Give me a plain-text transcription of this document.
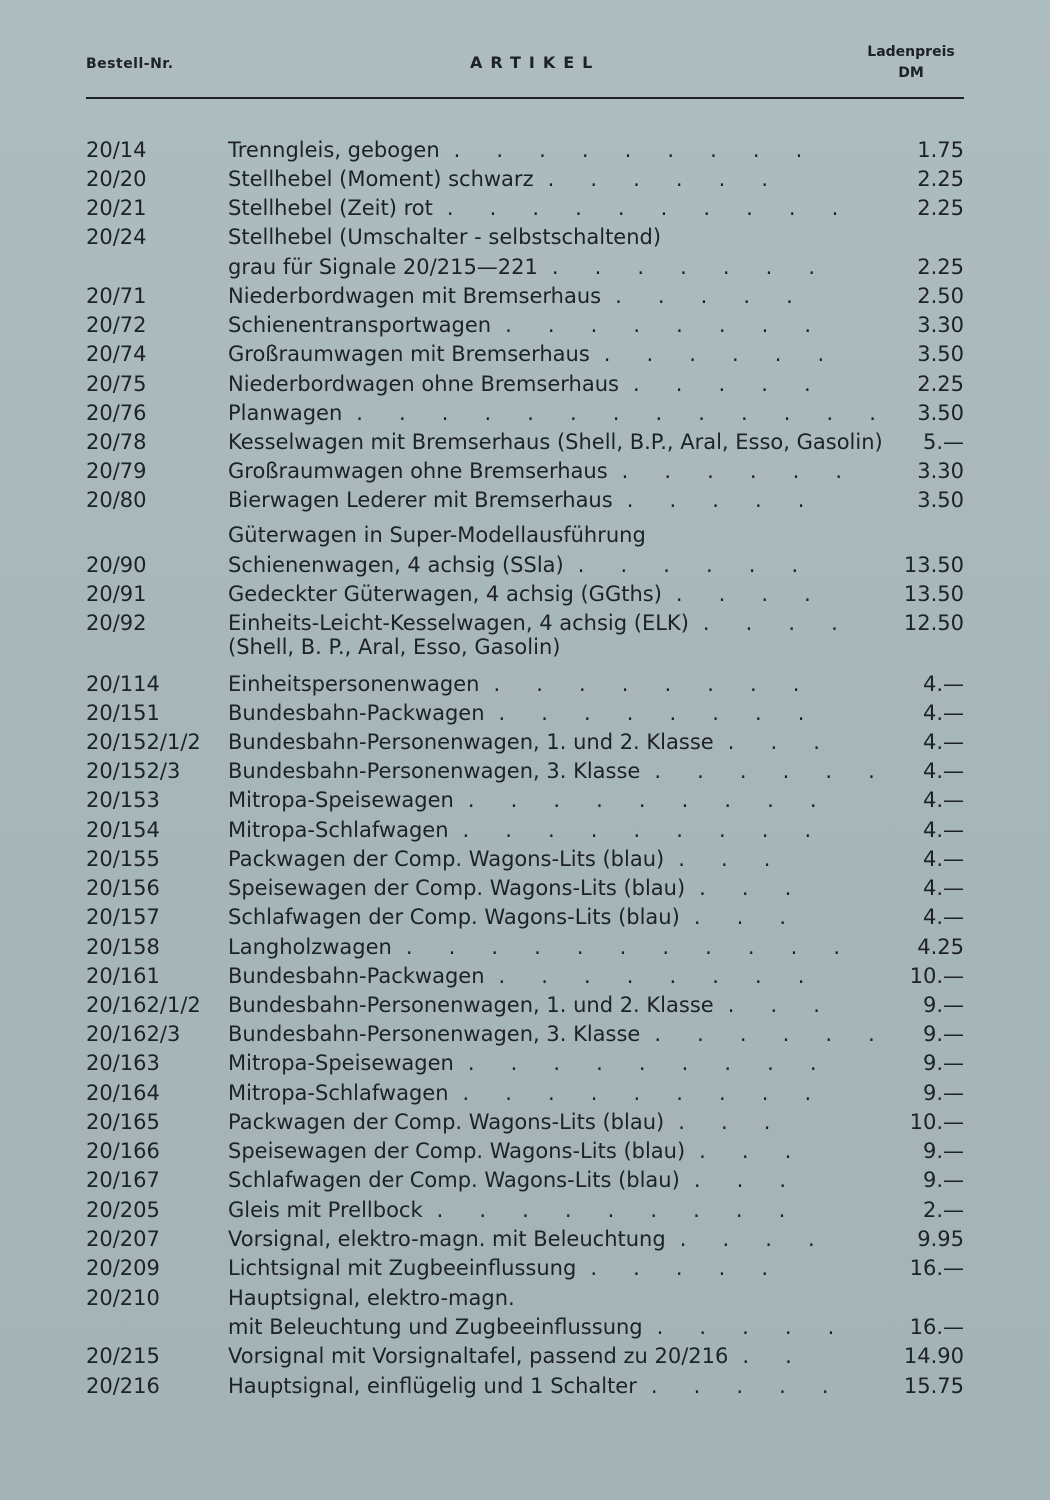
Bestell-Nr.	ARTIKEL
Ladenpreis
DM
20/14	Trenngleis, gebogen . . . . . . . . .	1.75
20/20	Stellhebel (Moment) schwarz . . . . . .	2.25
20/21	Stellhebel (Zeit) rot . . . . . . . . . .	2.25
20/24	Stellhebel (Umschalter - selbstschaltend)
grau für Signale 20/215—221 . . . . . . .	2.25
20/71	Niederbordwagen mit Bremserhaus . . . . .	2.50
20/72	Schienentransportwagen . . . . . . . .	3.30
20/74	Großraumwagen mit Bremserhaus . . . . . .	3.50
20/75	Niederbordwagen ohne Bremserhaus . . . . .	2.25
20/76	Planwagen . . . . . . . . . . . . .	3.50
20/78	Kesselwagen mit Bremserhaus (Shell, B.P., Aral, Esso, Gasolin)	5.—
20/79	Großraumwagen ohne Bremserhaus . . . . . .	3.30
20/80	Bierwagen Lederer mit Bremserhaus . . . . .	3.50
Güterwagen in Super-Modellausführung
20/90	Schienenwagen, 4 achsig (SSla) . . . . . .	13.50
20/91	Gedeckter Güterwagen, 4 achsig (GGths) . . . .	13.50
20/92	Einheits-Leicht-Kesselwagen, 4 achsig (ELK) . . . .	12.50
(Shell, B. P., Aral, Esso, Gasolin)
20/114	Einheitspersonenwagen . . . . . . . .	4.—
20/151	Bundesbahn-Packwagen . . . . . . . .	4.—
20/152/1/2 Bundesbahn-Personenwagen, 1. und 2. Klasse . . .	4.—
20/152/3 Bundesbahn-Personenwagen, 3. Klasse . . . . . .	4.—
20/153	Mitropa-Speisewagen . . . . . . . . .	4.—
20/154	Mitropa-Schlafwagen . . . . . . . . .	4.—
20/155	Packwagen der Comp. Wagons-Lits (blau) . . .	4.—
20/156	Speisewagen der Comp. Wagons-Lits (blau) . . .	4.—
20/157	Schlafwagen der Comp. Wagons-Lits (blau) . . .	4.—
20/158	Langholzwagen . . . . . . . . . . .	4.25
20/161	Bundesbahn-Packwagen . . . . . . . .	10.—
20/162/1/2 Bundesbahn-Personenwagen, 1. und 2. Klasse . . .	9.—
20/162/3 Bundesbahn-Personenwagen, 3. Klasse . . . . . .	9.—
20/163	Mitropa-Speisewagen . . . . . . . . .	9.—
20/164	Mitropa-Schlafwagen . . . . . . . . .	9.—
20/165	Packwagen der Comp. Wagons-Lits (blau) . . .	10.—
20/166	Speisewagen der Comp. Wagons-Lits (blau) . . .	9.—
20/167	Schlafwagen der Comp. Wagons-Lits (blau) . . .	9.—
20/205	Gleis mit Prellbock . . . . . . . . .	2.—
20/207	Vorsignal, elektro-magn. mit Beleuchtung . . . .	9.95
20/209	Lichtsignal mit Zugbeeinflussung . . . . .	16.—
20/210	Hauptsignal, elektro-magn.
mit Beleuchtung und Zugbeeinflussung . . . . .	16.—
20/215	Vorsignal mit Vorsignaltafel, passend zu 20/216 . .	14.90
20/216	Hauptsignal, einflügelig und 1 Schalter . . . . .	15.75
